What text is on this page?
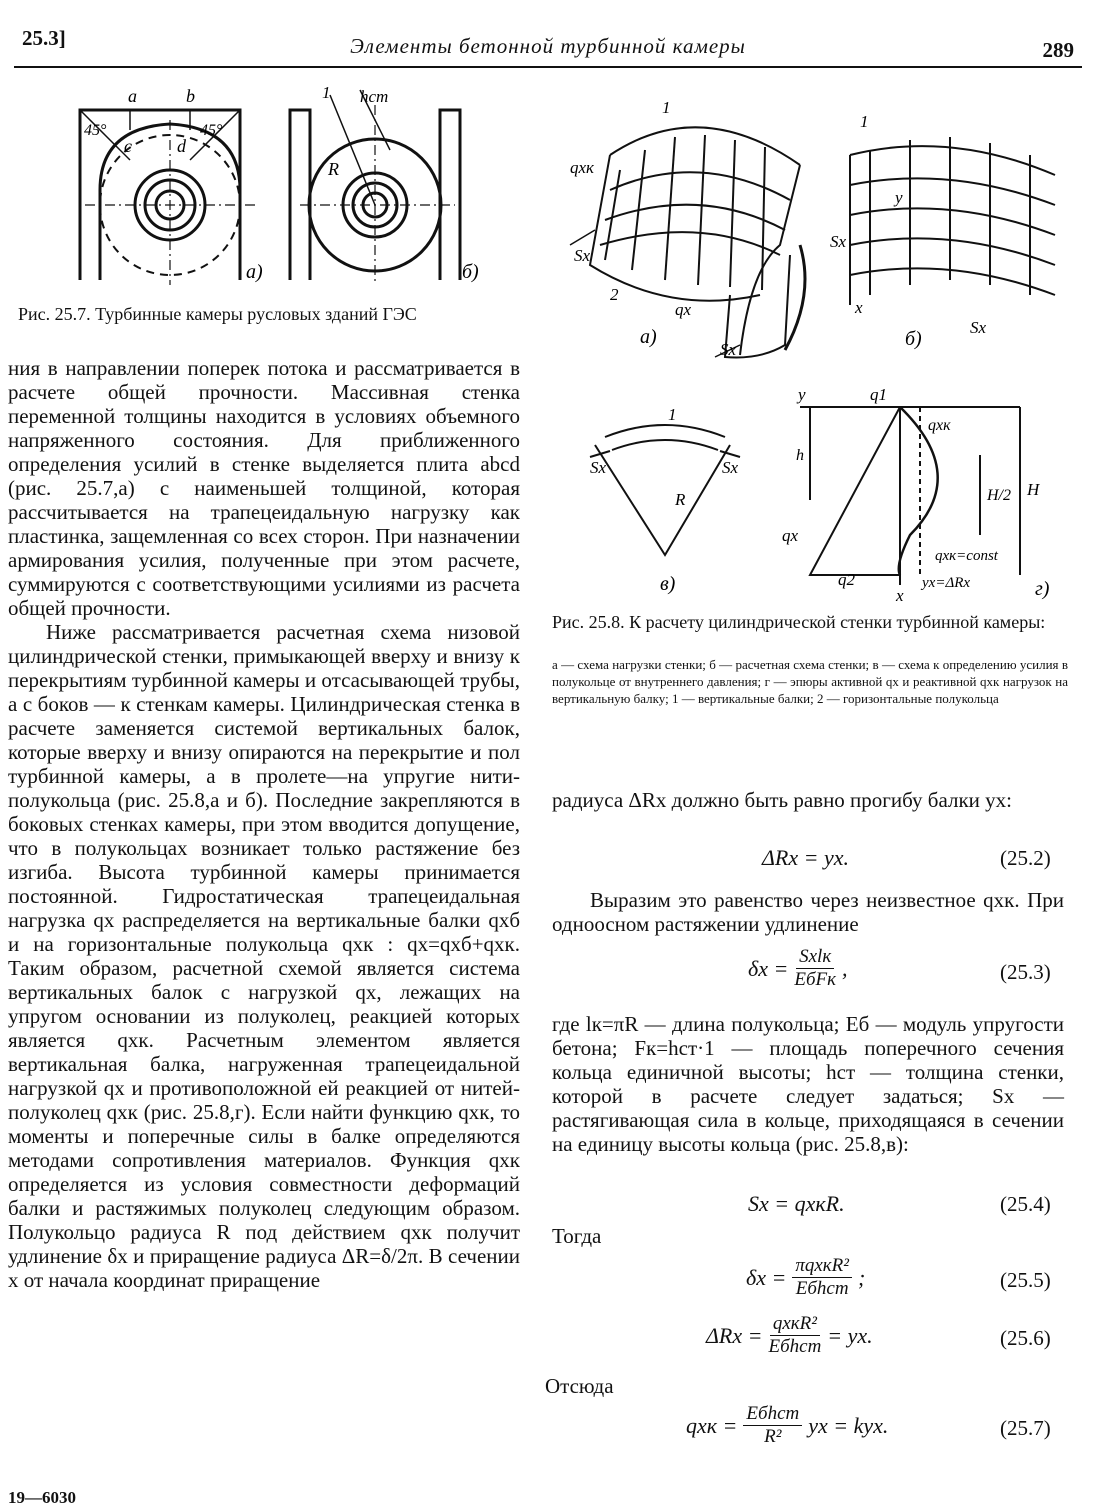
25.3]	Элементы бетонной турбинной камеры	289
a	b
45°	45°
c	d
a)
1 hст
R
б)
Рис. 25.7. Турбинные камеры русловых зданий ГЭС
qxк
Sx
1
2
qx
Sx
a)
1
y
Sx
Sx
x
б)
1
Sx	Sx
R
в)
y	q1
qxк
H/2 H
h
qx
qxк=const
q2
x
yx=ΔRx	г)
Рис. 25.8. К расчету цилиндрической стенки турбинной камеры:
а — схема нагрузки стенки; б — расчетная схема стенки; в — схема к определению усилия в полукольце от внутреннего давления; г — эпюры активной qx и реактивной qxк нагрузок на вертикальную балку; 1 — вертикальные балки; 2 — горизонтальные полукольца

ния в направлении поперек потока и рассматривается в расчете общей прочности. Массивная стенка переменной толщины находится в условиях объемного напряженного состояния. Для приближенного определения усилий в стенке выделяется плита abcd (рис. 25.7,а) с наименьшей толщиной, которая рассчитывается на трапецеидальную нагрузку как пластинка, защемленная со всех сторон. При назначении армирования усилия, полученные при этом расчете, суммируются с соответствующими усилиями из расчета общей прочности.

Ниже рассматривается расчетная схема низовой цилиндрической стенки, примыкающей вверху и внизу к перекрытиям турбинной камеры и отсасывающей трубы, а с боков — к стенкам камеры. Цилиндрическая стенка в расчете заменяется системой вертикальных балок, которые вверху и внизу опираются на перекрытие и пол турбинной камеры, а в пролете—на упругие нити-полукольца (рис. 25.8,а и б). Последние закрепляются в боковых стенках камеры, при этом вводится допущение, что в полукольцах возникает только растяжение без изгиба. Высота турбинной камеры принимается постоянной. Гидростатическая трапецеидальная нагрузка qx распределяется на вертикальные балки qxб и на горизонтальные полукольца qxк : qx=qxб+qxк. Таким образом, расчетной схемой является система вертикальных балок с нагрузкой qx, лежащих на упругом основании из полуколец, реакцией которых является qxк. Расчетным элементом является вертикальная балка, нагруженная трапецеидальной нагрузкой qx и противоположной ей реакцией от нитей-полуколец qxк (рис. 25.8,г). Если найти функцию qxк, то моменты и поперечные силы в балке определяются методами сопротивления материалов. Функция qxк определяется из условия совместности деформаций балки и растяжимых полуколец следующим образом. Полукольцо радиуса R под действием qxк получит удлинение δx и приращение радиуса ΔR=δ/2π. В сечении x от начала координат приращение

радиуса ΔRx должно быть равно прогибу балки yx:
ΔRx = yx.	(25.2)
Выразим это равенство через неизвестное qxк. При одноосном растяжении удлинение
δx = Sxlк
EбFк ,	(25.3)
где lк=πR — длина полукольца; Eб — модуль упругости бетона; Fк=hст·1 — площадь поперечного сечения кольца единичной высоты; hст — толщина стенки, которой в расчете следует задаться; Sx — растягивающая сила в кольце, приходящаяся в сечении на единицу высоты кольца (рис. 25.8,в):
Sx = qxкR.	(25.4)
Тогда
δx = πqxкR²
Eбhст ;	(25.5)
ΔRx = qxкR²
Eбhст = yx.	(25.6)
Отсюда
qxк = Eбhст
R² yx = kyx.	(25.7)
19—6030
